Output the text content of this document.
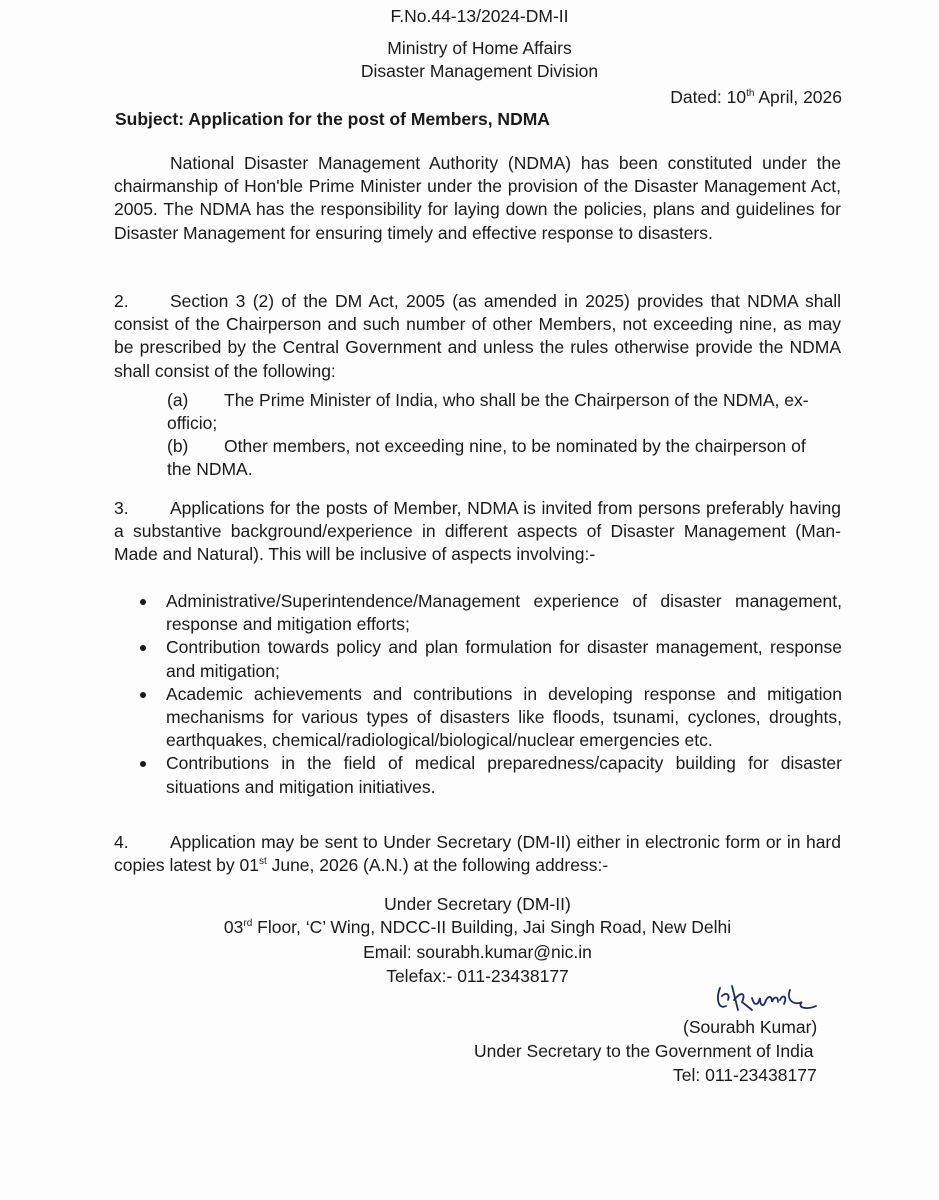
F.No.44-13/2024-DM-II
Ministry of Home Affairs
Disaster Management Division
Dated: 10th April, 2026
Subject: Application for the post of Members, NDMA
National Disaster Management Authority (NDMA) has been constituted under the chairmanship of Hon'ble Prime Minister under the provision of the Disaster Management Act, 2005. The NDMA has the responsibility for laying down the policies, plans and guidelines for Disaster Management for ensuring timely and effective response to disasters.
2. Section 3 (2) of the DM Act, 2005 (as amended in 2025) provides that NDMA shall consist of the Chairperson and such number of other Members, not exceeding nine, as may be prescribed by the Central Government and unless the rules otherwise provide the NDMA shall consist of the following:
(a) The Prime Minister of India, who shall be the Chairperson of the NDMA, ex-officio;
(b) Other members, not exceeding nine, to be nominated by the chairperson of the NDMA.
3. Applications for the posts of Member, NDMA is invited from persons preferably having a substantive background/experience in different aspects of Disaster Management (Man-Made and Natural). This will be inclusive of aspects involving:-
Administrative/Superintendence/Management experience of disaster management, response and mitigation efforts;
Contribution towards policy and plan formulation for disaster management, response and mitigation;
Academic achievements and contributions in developing response and mitigation mechanisms for various types of disasters like floods, tsunami, cyclones, droughts, earthquakes, chemical/radiological/biological/nuclear emergencies etc.
Contributions in the field of medical preparedness/capacity building for disaster situations and mitigation initiatives.
4. Application may be sent to Under Secretary (DM-II) either in electronic form or in hard copies latest by 01st June, 2026 (A.N.) at the following address:-
Under Secretary (DM-II)
03rd Floor, ‘C’ Wing, NDCC-II Building, Jai Singh Road, New Delhi
Email: sourabh.kumar@nic.in
Telefax:- 011-23438177
(Sourabh Kumar)
Under Secretary to the Government of India
Tel: 011-23438177
